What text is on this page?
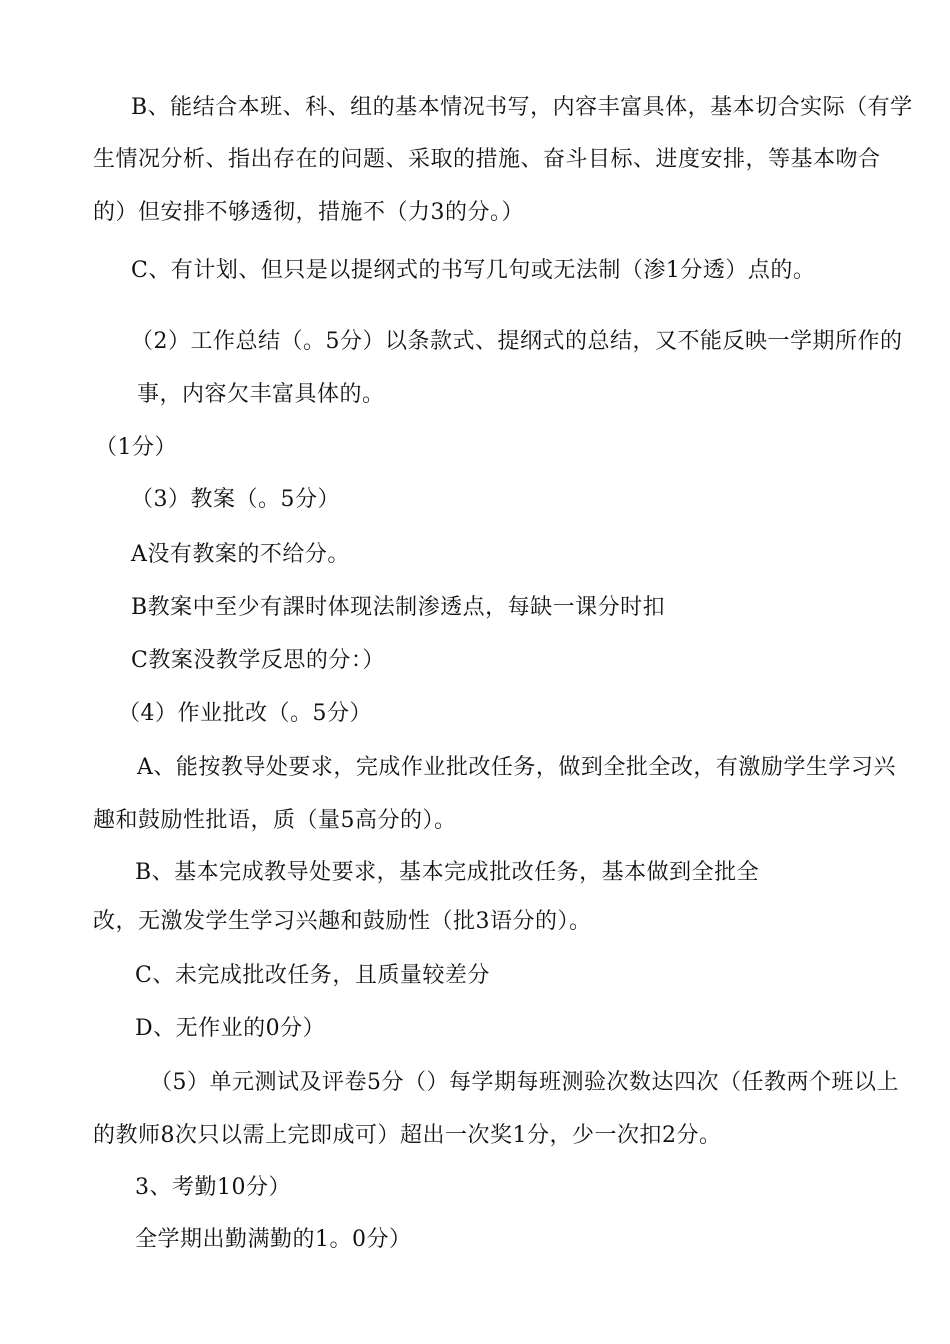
B、能结合本班、科、组的基本情况书写，内容丰富具体，基本切合实际（有学
生情况分析、指出存在的问题、采取的措施、奋斗目标、进度安排，等基本吻合
的）但安排不够透彻，措施不（力3的分。）
C、有计划、但只是以提纲式的书写几句或无法制（渗1分透）点的。
（2）工作总结（。5分）以条款式、提纲式的总结，又不能反映一学期所作的
事，内容欠丰富具体的。
（1分）
（3）教案（。5分）
A没有教案的不给分。
B教案中至少有課时体现法制渗透点，每缺一课分时扣
C教案没教学反思的分：）
（4）作业批改（。5分）
A、能按教导处要求，完成作业批改任务，做到全批全改，有激励学生学习兴
趣和鼓励性批语，质（量5高分的）。
B、基本完成教导处要求，基本完成批改任务，基本做到全批全
改，无激发学生学习兴趣和鼓励性（批3语分的）。
C、未完成批改任务，且质量较差分
D、无作业的0分）
（5）单元测试及评卷5分（）每学期每班测验次数达四次（任教两个班以上
的教师8次只以需上完即成可）超出一次奖1分，少一次扣2分。
3、考勤10分）
全学期出勤满勤的1。0分）
